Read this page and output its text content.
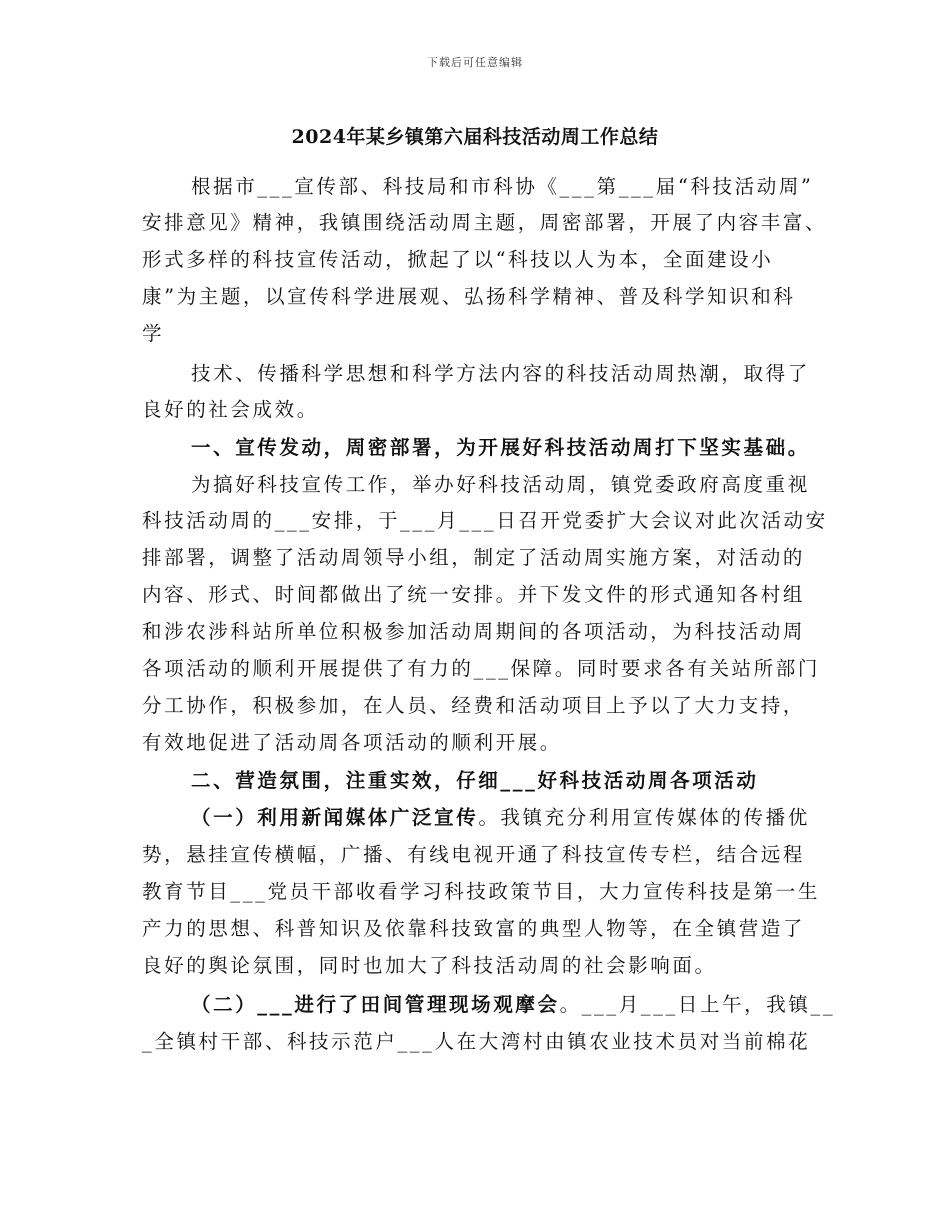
下载后可任意编辑
2024年某乡镇第六届科技活动周工作总结
根据市___宣传部、科技局和市科协《___第___届“科技活动周”
安排意见》精神，我镇围绕活动周主题，周密部署，开展了内容丰富、
形式多样的科技宣传活动，掀起了以“科技以人为本，全面建设小
康”为主题，以宣传科学进展观、弘扬科学精神、普及科学知识和科
学
技术、传播科学思想和科学方法内容的科技活动周热潮，取得了
良好的社会成效。
一、宣传发动，周密部署，为开展好科技活动周打下坚实基础。
为搞好科技宣传工作，举办好科技活动周，镇党委政府高度重视
科技活动周的___安排，于___月___日召开党委扩大会议对此次活动安
排部署，调整了活动周领导小组，制定了活动周实施方案，对活动的
内容、形式、时间都做出了统一安排。并下发文件的形式通知各村组
和涉农涉科站所单位积极参加活动周期间的各项活动，为科技活动周
各项活动的顺利开展提供了有力的___保障。同时要求各有关站所部门
分工协作，积极参加，在人员、经费和活动项目上予以了大力支持，
有效地促进了活动周各项活动的顺利开展。
二、营造氛围，注重实效，仔细___好科技活动周各项活动
（一）利用新闻媒体广泛宣传。我镇充分利用宣传媒体的传播优
势，悬挂宣传横幅，广播、有线电视开通了科技宣传专栏，结合远程
教育节目___党员干部收看学习科技政策节目，大力宣传科技是第一生
产力的思想、科普知识及依靠科技致富的典型人物等，在全镇营造了
良好的舆论氛围，同时也加大了科技活动周的社会影响面。
（二）___进行了田间管理现场观摩会。___月___日上午，我镇__
_全镇村干部、科技示范户___人在大湾村由镇农业技术员对当前棉花
